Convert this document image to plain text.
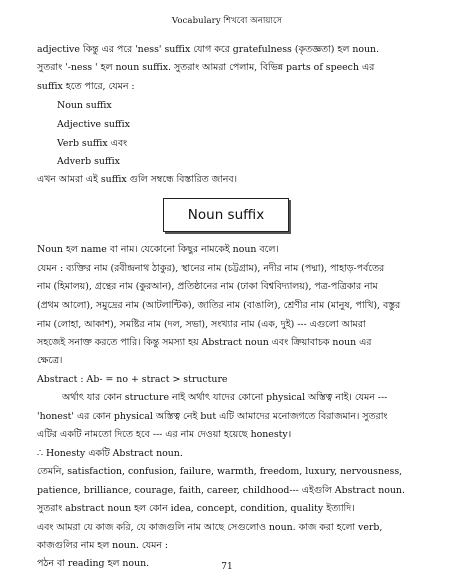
Vocabulary শিখবো অনায়াসে
adjective কিন্তু এর পরে 'ness' suffix যোগ করে gratefulness (কৃতজ্ঞতা) হল noun.
সুতরাং '-ness ' হল noun suffix. সুতরাং আমরা পেলাম, বিভিন্ন parts of speech এর
suffix হতে পারে, যেমন :
Noun suffix
Adjective suffix
Verb suffix এবং
Adverb suffix
এখন আমরা এই suffix গুলি সম্বন্ধে বিস্তারিত জানব।
Noun suffix
Noun হল name বা নাম। যেকোনো কিছুর নামকেই noun বলে।
যেমন : ব্যক্তির নাম (রবীন্দ্রনাথ ঠাকুর), স্থানের নাম (চট্টগ্রাম), নদীর নাম (পদ্মা), পাহাড়-পর্বতের
নাম (হিমালয়), গ্রন্থের নাম (কুরআন), প্রতিষ্ঠানের নাম (ঢাকা বিশ্ববিদ্যালয়), পত্র-পত্রিকার নাম
(প্রথম আলো), সমুদ্রের নাম (আটলান্টিক), জাতির নাম (বাঙালি), শ্রেণীর নাম (মানুষ, পাখি), বস্তুর
নাম (লোহা, আকাশ), সমষ্টির নাম (দল, সভা), সংখ্যার নাম (এক, দুই) --- এগুলো আমরা
সহজেই সনাক্ত করতে পারি। কিন্তু সমস্যা হয় Abstract noun এবং ক্রিয়াবাচক noun এর
ক্ষেত্রে।
Abstract : Ab- = no + stract > structure
অর্থাৎ যার কোন structure নাই অর্থাৎ যাদের কোনো physical অস্তিত্ব নাই। যেমন ---
'honest' এর কোন physical অস্তিত্ব নেই but এটি আমাদের মনোজগতে বিরাজমান। সুতরাং
এটির একটি নামতো দিতে হবে --- এর নাম দেওয়া হয়েছে honesty।
∴ Honesty একটি Abstract noun.
তেমনি, satisfaction, confusion, failure, warmth, freedom, luxury, nervousness,
patience, brilliance, courage, faith, career, childhood--- এইগুলি Abstract noun.
সুতরাং abstract noun হল কোন idea, concept, condition, quality ইত্যাদি।
এবং আমরা যে কাজ করি, যে কাজগুলি নাম আছে সেগুলোও noun. কাজ করা হলো verb,
কাজগুলির নাম হল noun. যেমন :
পঠন বা reading হল noun.	71
